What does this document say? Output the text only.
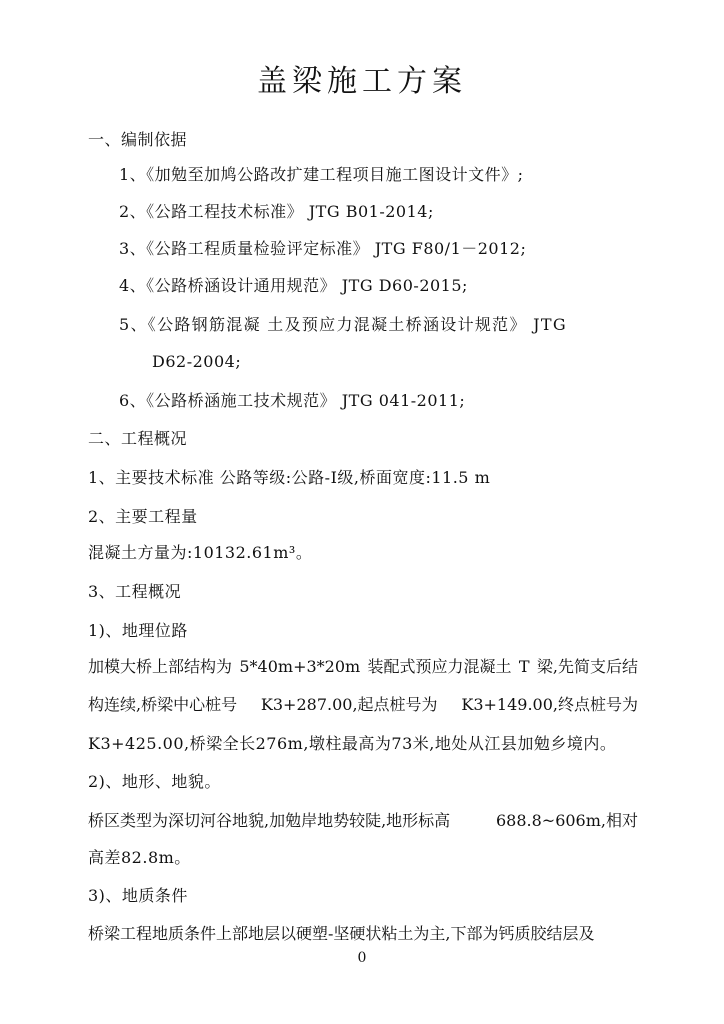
盖梁施工方案
一、编制依据
1、《加勉至加鸠公路改扩建工程项目施工图设计文件》;
2、《公路工程技术标准》 JTG B01-2014;
3、《公路工程质量检验评定标准》 JTG F80/1－2012;
4、《公路桥涵设计通用规范》 JTG D60-2015;
5、《公路钢筋混凝 土及预应力混凝土桥涵设计规范》 JTG
D62-2004;
6、《公路桥涵施工技术规范》 JTG 041-2011;
二、工程概况
1、主要技术标准 公路等级:公路-I级,桥面宽度:11.5 m
2、主要工程量
混凝土方量为:10132.61m³。
3、工程概况
1)、地理位路
加模大桥上部结构为 5*40m+3*20m 装配式预应力混凝土 T 梁,先简支后结
构连续,桥梁中心桩号 K3+287.00,起点桩号为 K3+149.00,终点桩号为
K3+425.00,桥梁全长276m,墩柱最高为73米,地处从江县加勉乡境内。
2)、地形、地貌。
桥区类型为深切河谷地貌,加勉岸地势较陡,地形标高	688.8~606m,相对
高差82.8m。
3)、地质条件
桥梁工程地质条件上部地层以硬塑-坚硬状粘土为主,下部为钙质胶结层及
0
